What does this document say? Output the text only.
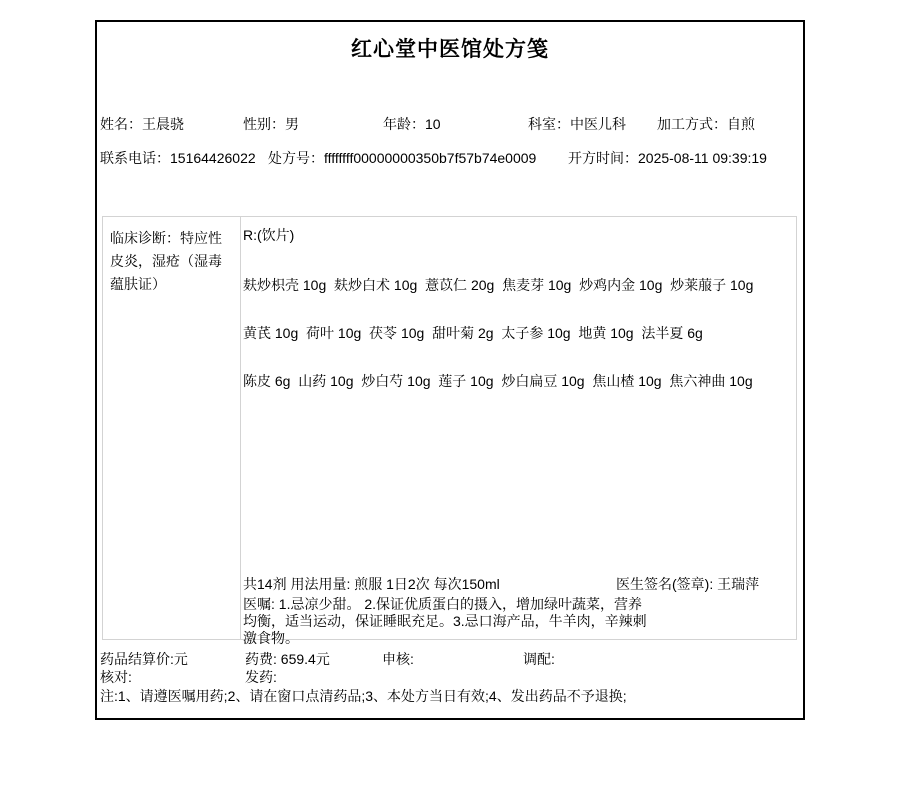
红心堂中医馆处方笺
姓名：王晨骁	性别：男	年龄：10	科室：中医儿科 加工方式：自煎
联系电话：15164426022 处方号：ffffffff00000000350b7f57b74e0009 开方时间：2025-08-11 09:39:19
临床诊断：特应性皮炎，湿疮（湿毒蕴肤证）
R:(饮片)
麸炒枳壳 10g  麸炒白术 10g  薏苡仁 20g  焦麦芽 10g  炒鸡内金 10g  炒莱菔子 10g
黄芪 10g  荷叶 10g  茯苓 10g  甜叶菊 2g  太子参 10g  地黄 10g  法半夏 6g
陈皮 6g  山药 10g  炒白芍 10g  莲子 10g  炒白扁豆 10g  焦山楂 10g  焦六神曲 10g
共14剂 用法用量: 煎服 1日2次 每次150ml	医生签名(签章): 王瑞萍
医嘱: 1.忌凉少甜。 2.保证优质蛋白的摄入，增加绿叶蔬菜，营养
均衡，适当运动，保证睡眠充足。3.忌口海产品，牛羊肉，辛辣刺
激食物。
药品结算价:元	药费: 659.4元	申核:	调配:
核对:	发药:
注:1、请遵医嘱用药;2、请在窗口点清药品;3、本处方当日有效;4、发出药品不予退换;
